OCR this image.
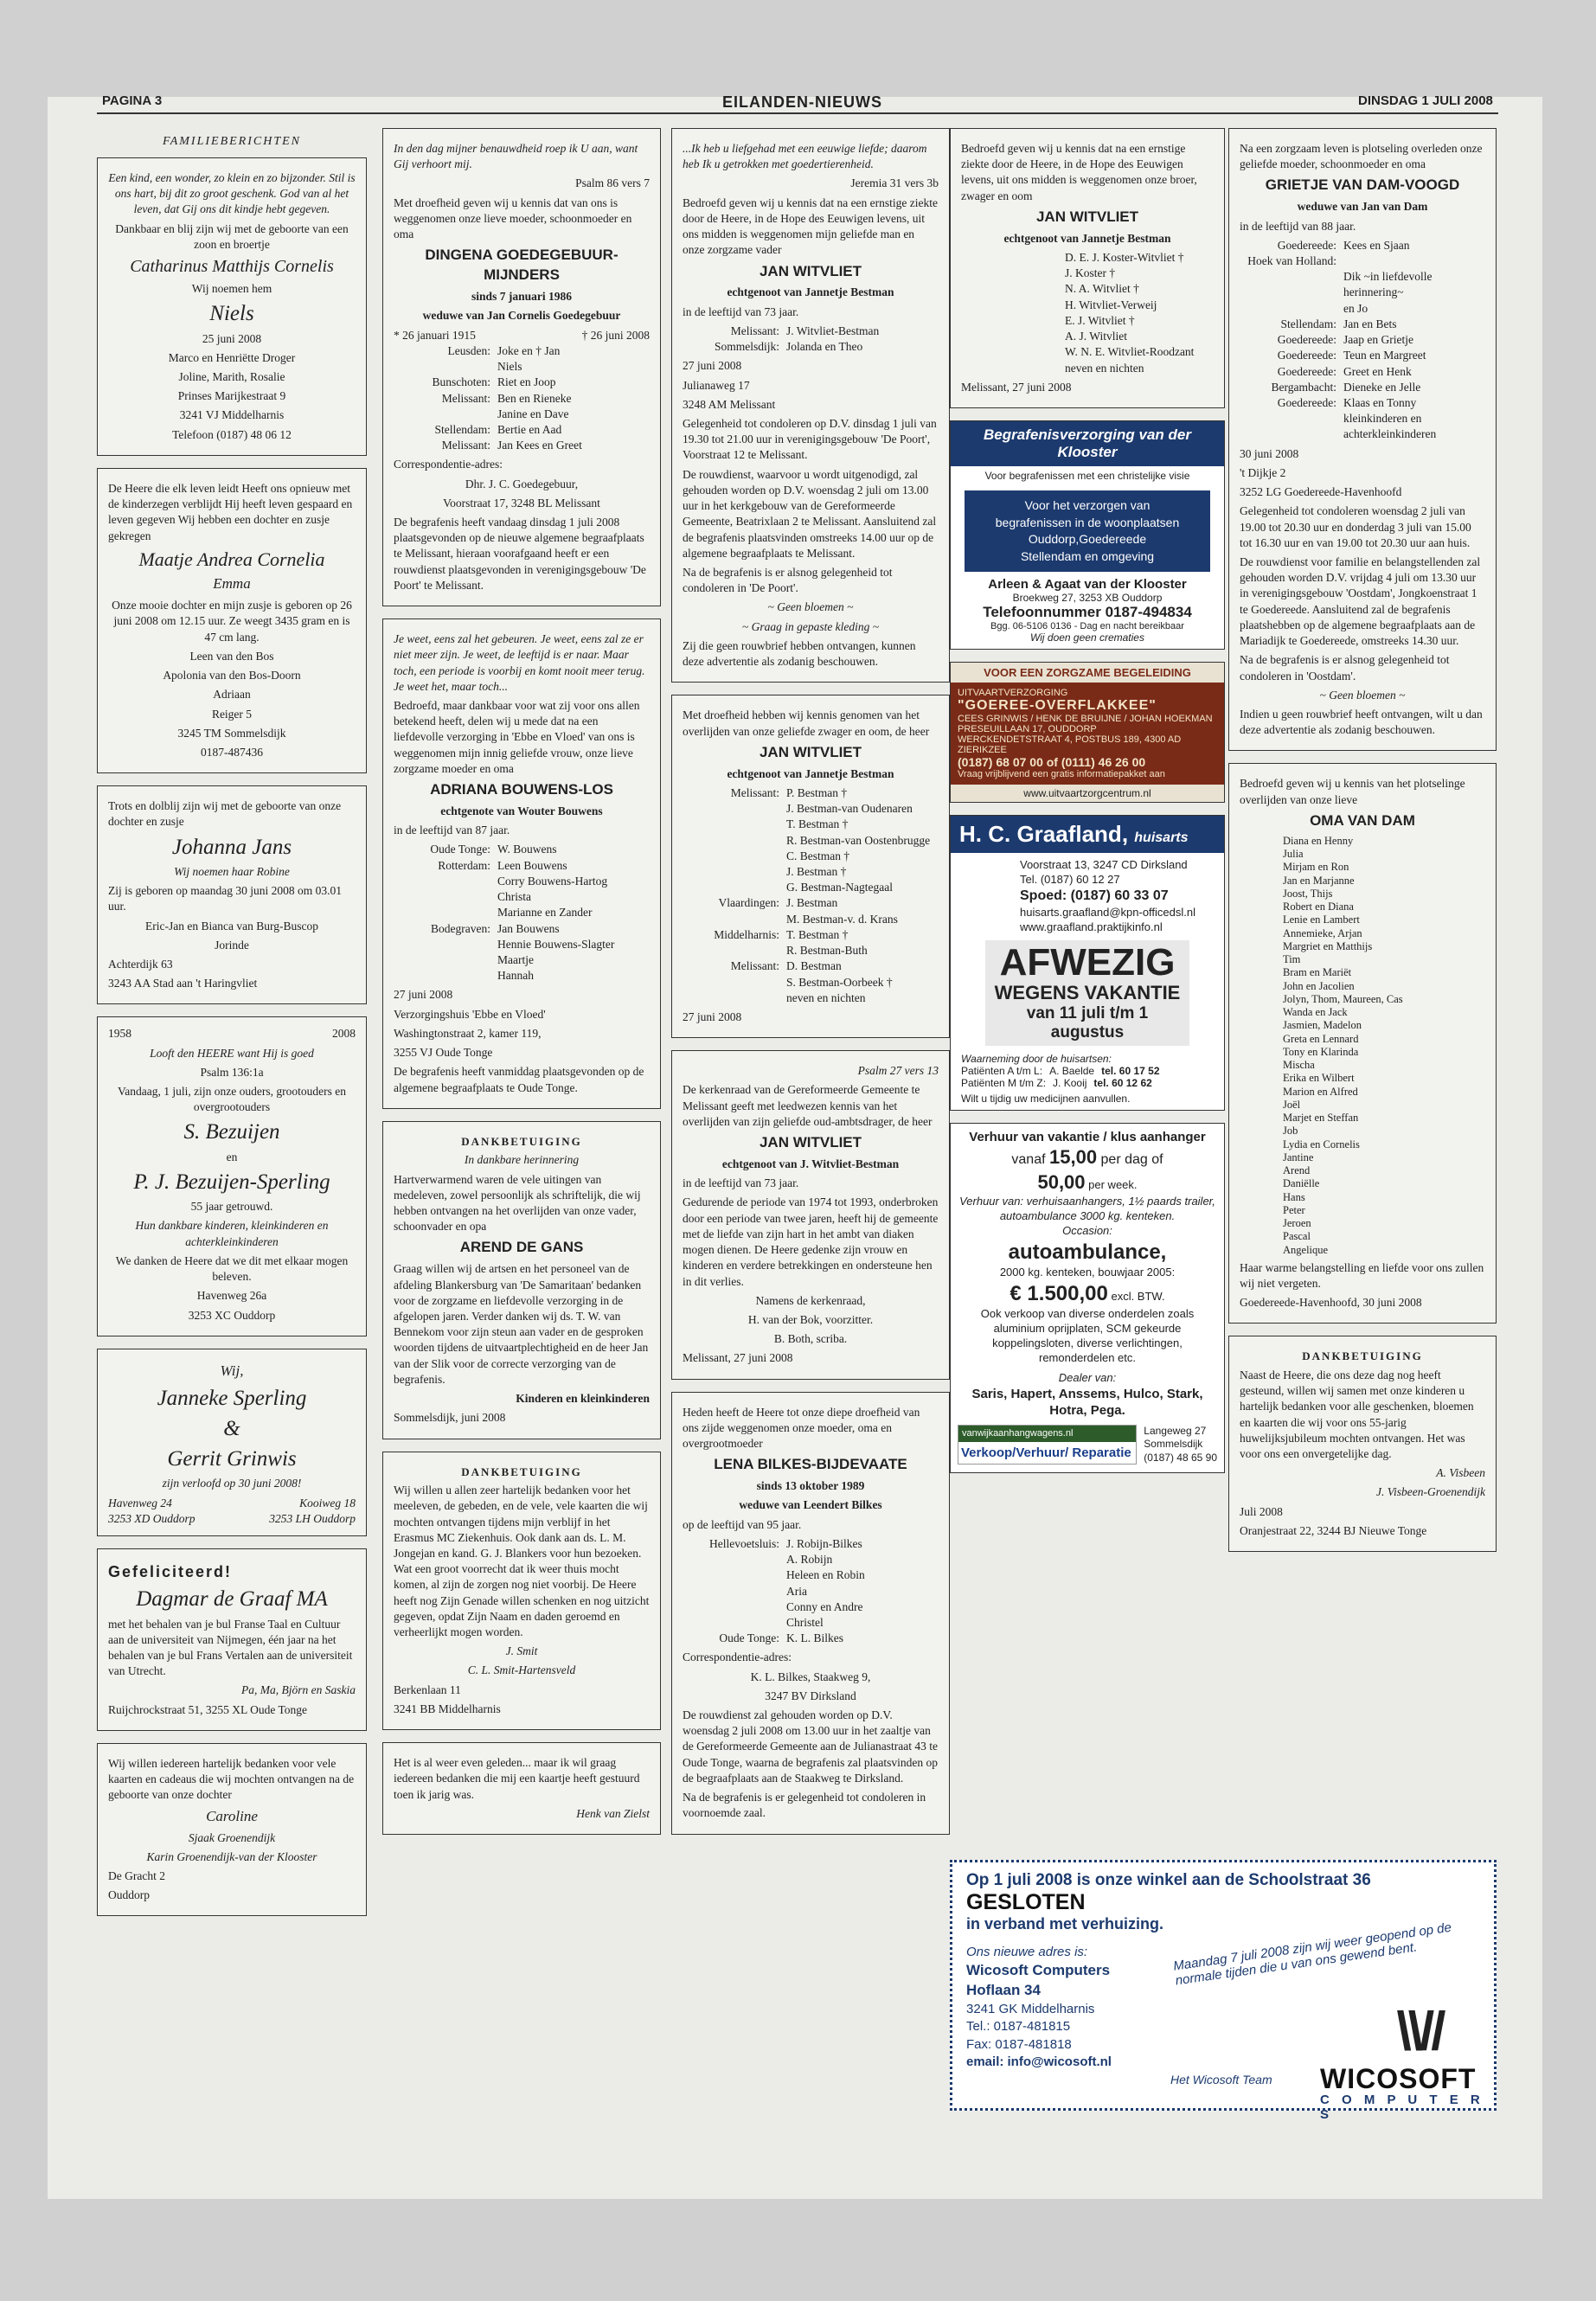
PAGINA 3	EILANDEN-NIEUWS	DINSDAG 1 JULI 2008
FAMILIEBERICHTEN

Een kind, een wonder, zo klein en zo bijzonder. Stil is ons hart, bij dit zo groot geschenk. God van al het leven, dat Gij ons dit kindje hebt gegeven.

Dankbaar en blij zijn wij met de geboorte van een zoon en broertje

Catharinus Matthijs Cornelis

Wij noemen hem

Niels

25 juni 2008

Marco en Henriëtte Droger

Joline, Marith, Rosalie

Prinses Marijkestraat 9

3241 VJ Middelharnis

Telefoon (0187) 48 06 12

De Heere die elk leven leidt Heeft ons opnieuw met de kinderzegen verblijdt Hij heeft leven gespaard en leven gegeven Wij hebben een dochter en zusje gekregen

Maatje Andrea Cornelia

Emma

Onze mooie dochter en mijn zusje is geboren op 26 juni 2008 om 12.15 uur. Ze weegt 3435 gram en is 47 cm lang.

Leen van den Bos

Apolonia van den Bos-Doorn

Adriaan

Reiger 5

3245 TM Sommelsdijk

0187-487436

Trots en dolblij zijn wij met de geboorte van onze dochter en zusje

Johanna Jans

Wij noemen haar Robine

Zij is geboren op maandag 30 juni 2008 om 03.01 uur.

Eric-Jan en Bianca van Burg-Buscop

Jorinde

Achterdijk 63

3243 AA Stad aan 't Haringvliet

1958	2008

Looft den HEERE want Hij is goed

Psalm 136:1a

Vandaag, 1 juli, zijn onze ouders, grootouders en overgrootouders

S. Bezuijen

en

P. J. Bezuijen-Sperling

55 jaar getrouwd.

Hun dankbare kinderen, kleinkinderen en achterkleinkinderen

We danken de Heere dat we dit met elkaar mogen beleven.

Havenweg 26a

3253 XC Ouddorp

Wij,

Janneke Sperling

&

Gerrit Grinwis

zijn verloofd op 30 juni 2008!

Havenweg 24	Kooiweg 18
3253 XD Ouddorp	3253 LH Ouddorp

Gefeliciteerd!

Dagmar de Graaf MA

met het behalen van je bul Franse Taal en Cultuur aan de universiteit van Nijmegen, één jaar na het behalen van je bul Frans Vertalen aan de universiteit van Utrecht.

Pa, Ma, Björn en Saskia

Ruijchrockstraat 51, 3255 XL Oude Tonge

Wij willen iedereen hartelijk bedanken voor vele kaarten en cadeaus die wij mochten ontvangen na de geboorte van onze dochter

Caroline

Sjaak Groenendijk

Karin Groenendijk-van der Klooster

De Gracht 2

Ouddorp

In den dag mijner benauwdheid roep ik U aan, want Gij verhoort mij.

Psalm 86 vers 7

Met droefheid geven wij u kennis dat van ons is weggenomen onze lieve moeder, schoonmoeder en oma

DINGENA GOEDEGEBUUR-MIJNDERS

sinds 7 januari 1986

weduwe van Jan Cornelis Goedegebuur

* 26 januari 1915	† 26 juni 2008
Leusden: Joke en † Jan
Niels
Bunschoten: Riet en Joop
Melissant: Ben en Rieneke
Janine en Dave
Stellendam: Bertie en Aad
Melissant: Jan Kees en Greet

Correspondentie-adres:

Dhr. J. C. Goedegebuur,

Voorstraat 17, 3248 BL Melissant

De begrafenis heeft vandaag dinsdag 1 juli 2008 plaatsgevonden op de nieuwe algemene begraafplaats te Melissant, hieraan voorafgaand heeft er een rouwdienst plaatsgevonden in verenigingsgebouw 'De Poort' te Melissant.

Je weet, eens zal het gebeuren. Je weet, eens zal ze er niet meer zijn. Je weet, de leeftijd is er naar. Maar toch, een periode is voorbij en komt nooit meer terug. Je weet het, maar toch...

Bedroefd, maar dankbaar voor wat zij voor ons allen betekend heeft, delen wij u mede dat na een liefdevolle verzorging in 'Ebbe en Vloed' van ons is weggenomen mijn innig geliefde vrouw, onze lieve zorgzame moeder en oma

ADRIANA BOUWENS-LOS

echtgenote van Wouter Bouwens

in de leeftijd van 87 jaar.

Oude Tonge: W. Bouwens
Rotterdam: Leen Bouwens
Corry Bouwens-Hartog
Christa
Marianne en Zander
Bodegraven: Jan Bouwens
Hennie Bouwens-Slagter
Maartje
Hannah

27 juni 2008

Verzorgingshuis 'Ebbe en Vloed'

Washingtonstraat 2, kamer 119,

3255 VJ Oude Tonge

De begrafenis heeft vanmiddag plaatsgevonden op de algemene begraafplaats te Oude Tonge.

DANKBETUIGING

In dankbare herinnering

Hartverwarmend waren de vele uitingen van medeleven, zowel persoonlijk als schriftelijk, die wij hebben ontvangen na het overlijden van onze vader, schoonvader en opa

AREND DE GANS

Graag willen wij de artsen en het personeel van de afdeling Blankersburg van 'De Samaritaan' bedanken voor de zorgzame en liefdevolle verzorging in de afgelopen jaren. Verder danken wij ds. T. W. van Bennekom voor zijn steun aan vader en de gesproken woorden tijdens de uitvaartplechtigheid en de heer Jan van der Slik voor de correcte verzorging van de begrafenis.

Kinderen en kleinkinderen

Sommelsdijk, juni 2008

DANKBETUIGING

Wij willen u allen zeer hartelijk bedanken voor het meeleven, de gebeden, en de vele, vele kaarten die wij mochten ontvangen tijdens mijn verblijf in het Erasmus MC Ziekenhuis. Ook dank aan ds. L. M. Jongejan en kand. G. J. Blankers voor hun bezoeken. Wat een groot voorrecht dat ik weer thuis mocht komen, al zijn de zorgen nog niet voorbij. De Heere heeft nog Zijn Genade willen schenken en nog uitzicht gegeven, opdat Zijn Naam en daden geroemd en verheerlijkt mogen worden.

J. Smit

C. L. Smit-Hartensveld

Berkenlaan 11

3241 BB Middelharnis

Het is al weer even geleden... maar ik wil graag iedereen bedanken die mij een kaartje heeft gestuurd toen ik jarig was.

Henk van Zielst

...Ik heb u liefgehad met een eeuwige liefde; daarom heb Ik u getrokken met goedertierenheid.

Jeremia 31 vers 3b

Bedroefd geven wij u kennis dat na een ernstige ziekte door de Heere, in de Hope des Eeuwigen levens, uit ons midden is weggenomen mijn geliefde man en onze zorgzame vader

JAN WITVLIET

echtgenoot van Jannetje Bestman

in de leeftijd van 73 jaar.

Melissant: J. Witvliet-Bestman
Sommelsdijk: Jolanda en Theo

27 juni 2008

Julianaweg 17

3248 AM Melissant

Gelegenheid tot condoleren op D.V. dinsdag 1 juli van 19.30 tot 21.00 uur in verenigingsgebouw 'De Poort', Voorstraat 12 te Melissant.

De rouwdienst, waarvoor u wordt uitgenodigd, zal gehouden worden op D.V. woensdag 2 juli om 13.00 uur in het kerkgebouw van de Gereformeerde Gemeente, Beatrixlaan 2 te Melissant. Aansluitend zal de begrafenis plaatsvinden omstreeks 14.00 uur op de algemene begraafplaats te Melissant.

Na de begrafenis is er alsnog gelegenheid tot condoleren in 'De Poort'.

~ Geen bloemen ~

~ Graag in gepaste kleding ~

Zij die geen rouwbrief hebben ontvangen, kunnen deze advertentie als zodanig beschouwen.

Met droefheid hebben wij kennis genomen van het overlijden van onze geliefde zwager en oom, de heer

JAN WITVLIET

echtgenoot van Jannetje Bestman

Melissant: P. Bestman †
J. Bestman-van Oudenaren
T. Bestman †
R. Bestman-van Oostenbrugge
C. Bestman †
J. Bestman †
G. Bestman-Nagtegaal
Vlaardingen: J. Bestman
M. Bestman-v. d. Krans
Middelharnis: T. Bestman †
R. Bestman-Buth
Melissant: D. Bestman
S. Bestman-Oorbeek †
neven en nichten

27 juni 2008

Psalm 27 vers 13

De kerkenraad van de Gereformeerde Gemeente te Melissant geeft met leedwezen kennis van het overlijden van zijn geliefde oud-ambtsdrager, de heer

JAN WITVLIET

echtgenoot van J. Witvliet-Bestman

in de leeftijd van 73 jaar.

Gedurende de periode van 1974 tot 1993, onderbroken door een periode van twee jaren, heeft hij de gemeente met de liefde van zijn hart in het ambt van diaken mogen dienen. De Heere gedenke zijn vrouw en kinderen en verdere betrekkingen en ondersteune hen in dit verlies.

Namens de kerkenraad,

H. van der Bok, voorzitter.

B. Both, scriba.

Melissant, 27 juni 2008

Heden heeft de Heere tot onze diepe droefheid van ons zijde weggenomen onze moeder, oma en overgrootmoeder

LENA BILKES-BIJDEVAATE

sinds 13 oktober 1989

weduwe van Leendert Bilkes

op de leeftijd van 95 jaar.

Hellevoetsluis: J. Robijn-Bilkes
A. Robijn
Heleen en Robin
Aria
Conny en Andre
Christel
Oude Tonge: K. L. Bilkes

Correspondentie-adres:

K. L. Bilkes, Staakweg 9,

3247 BV Dirksland

De rouwdienst zal gehouden worden op D.V. woensdag 2 juli 2008 om 13.00 uur in het zaaltje van de Gereformeerde Gemeente aan de Julianastraat 43 te Oude Tonge, waarna de begrafenis zal plaatsvinden op de begraafplaats aan de Staakweg te Dirksland.

Na de begrafenis is er gelegenheid tot condoleren in voornoemde zaal.

Bedroefd geven wij u kennis dat na een ernstige ziekte door de Heere, in de Hope des Eeuwigen levens, uit ons midden is weggenomen onze broer, zwager en oom

JAN WITVLIET

echtgenoot van Jannetje Bestman

D. E. J. Koster-Witvliet †
J. Koster †
N. A. Witvliet †
H. Witvliet-Verweij
E. J. Witvliet †
A. J. Witvliet
W. N. E. Witvliet-Roodzant
neven en nichten

Melissant, 27 juni 2008

Begrafenisverzorging van der Klooster
Voor begrafenissen met een christelijke visie
Voor het verzorgen van
begrafenissen in de woonplaatsen
Ouddorp,Goedereede
Stellendam en omgeving
Arleen & Agaat van der Klooster
Broekweg 27, 3253 XB Ouddorp
Telefoonnummer 0187-494834
Bgg. 06-5106 0136 - Dag en nacht bereikbaar
Wij doen geen crematies
VOOR EEN ZORGZAME BEGELEIDING
UITVAARTVERZORGING
"GOEREE-OVERFLAKKEE"
CEES GRINWIS / HENK DE BRUIJNE / JOHAN HOEKMAN
PRESEUILLAAN 17, OUDDORP
WERCKENDETSTRAAT 4, POSTBUS 189, 4300 AD ZIERIKZEE
(0187) 68 07 00 of (0111) 46 26 00
Vraag vrijblijvend een gratis informatiepakket aan
www.uitvaartzorgcentrum.nl
H. C. Graafland, huisarts
Voorstraat 13, 3247 CD Dirksland
Tel. (0187) 60 12 27
Spoed: (0187) 60 33 07
huisarts.graafland@kpn-officedsl.nl
www.graafland.praktijkinfo.nl
AFWEZIG
WEGENS VAKANTIE
van 11 juli t/m 1 augustus
Waarneming door de huisartsen:
Patiënten A t/m L: A. Baelde tel. 60 17 52
Patiënten M t/m Z: J. Kooij tel. 60 12 62
Wilt u tijdig uw medicijnen aanvullen.
Verhuur van vakantie / klus aanhanger
vanaf 15,00 per dag of
50,00 per week.
Verhuur van: verhuisaanhangers, 1½ paards trailer, autoambulance 3000 kg. kenteken.
Occasion:
autoambulance,
2000 kg. kenteken, bouwjaar 2005:
€ 1.500,00 excl. BTW.
Ook verkoop van diverse onderdelen zoals aluminium oprijplaten, SCM gekeurde koppelingsloten, diverse verlichtingen, remonderdelen etc.
Dealer van:
Saris, Hapert, Anssems, Hulco, Stark, Hotra, Pega.
vanwijkaanhangwagens.nl
Verkoop/Verhuur/ Reparatie
Langeweg 27
Sommelsdijk
(0187) 48 65 90

Na een zorgzaam leven is plotseling overleden onze geliefde moeder, schoonmoeder en oma

GRIETJE VAN DAM-VOOGD

weduwe van Jan van Dam

in de leeftijd van 88 jaar.

Goedereede: Kees en Sjaan
Hoek van Holland:
Dik ~in liefdevolle herinnering~
en Jo
Stellendam: Jan en Bets
Goedereede: Jaap en Grietje
Goedereede: Teun en Margreet
Goedereede: Greet en Henk
Bergambacht: Dieneke en Jelle
Goedereede: Klaas en Tonny
kleinkinderen en achterkleinkinderen

30 juni 2008

't Dijkje 2

3252 LG Goedereede-Havenhoofd

Gelegenheid tot condoleren woensdag 2 juli van 19.00 tot 20.30 uur en donderdag 3 juli van 15.00 tot 16.30 uur en van 19.00 tot 20.30 uur aan huis.

De rouwdienst voor familie en belangstellenden zal gehouden worden D.V. vrijdag 4 juli om 13.30 uur in verenigingsgebouw 'Oostdam', Jongkoenstraat 1 te Goedereede. Aansluitend zal de begrafenis plaatshebben op de algemene begraafplaats aan de Mariadijk te Goedereede, omstreeks 14.30 uur.

Na de begrafenis is er alsnog gelegenheid tot condoleren in 'Oostdam'.

~ Geen bloemen ~

Indien u geen rouwbrief heeft ontvangen, wilt u dan deze advertentie als zodanig beschouwen.

Bedroefd geven wij u kennis van het plotselinge overlijden van onze lieve

OMA VAN DAM

Diana en Henny
Julia
Mirjam en Ron
Jan en Marjanne
Joost, Thijs
Robert en Diana
Lenie en Lambert
Annemieke, Arjan
Margriet en Matthijs
Tim
Bram en Mariët
John en Jacolien
Jolyn, Thom, Maureen, Cas
Wanda en Jack
Jasmien, Madelon
Greta en Lennard
Tony en Klarinda
Mischa
Erika en Wilbert
Marion en Alfred
Joël
Marjet en Steffan
Job
Lydia en Cornelis
Jantine
Arend
Daniëlle
Hans
Peter
Jeroen
Pascal
Angelique

Haar warme belangstelling en liefde voor ons zullen wij niet vergeten.

Goedereede-Havenhoofd, 30 juni 2008

DANKBETUIGING

Naast de Heere, die ons deze dag nog heeft gesteund, willen wij samen met onze kinderen u hartelijk bedanken voor alle geschenken, bloemen en kaarten die wij voor ons 55-jarig huwelijksjubileum mochten ontvangen. Het was voor ons een onvergetelijke dag.

A. Visbeen

J. Visbeen-Groenendijk

Juli 2008

Oranjestraat 22, 3244 BJ Nieuwe Tonge

Op 1 juli 2008 is onze winkel aan de Schoolstraat 36 GESLOTEN
in verband met verhuizing.
Ons nieuwe adres is:
Wicosoft Computers
Hoflaan 34
3241 GK Middelharnis
Tel.: 0187-481815
Fax: 0187-481818
email: info@wicosoft.nl
Maandag 7 juli 2008 zijn wij weer geopend op de normale tijden die u van ons gewend bent.
\\//
WICOSOFT
C O M P U T E R S
Het Wicosoft Team
